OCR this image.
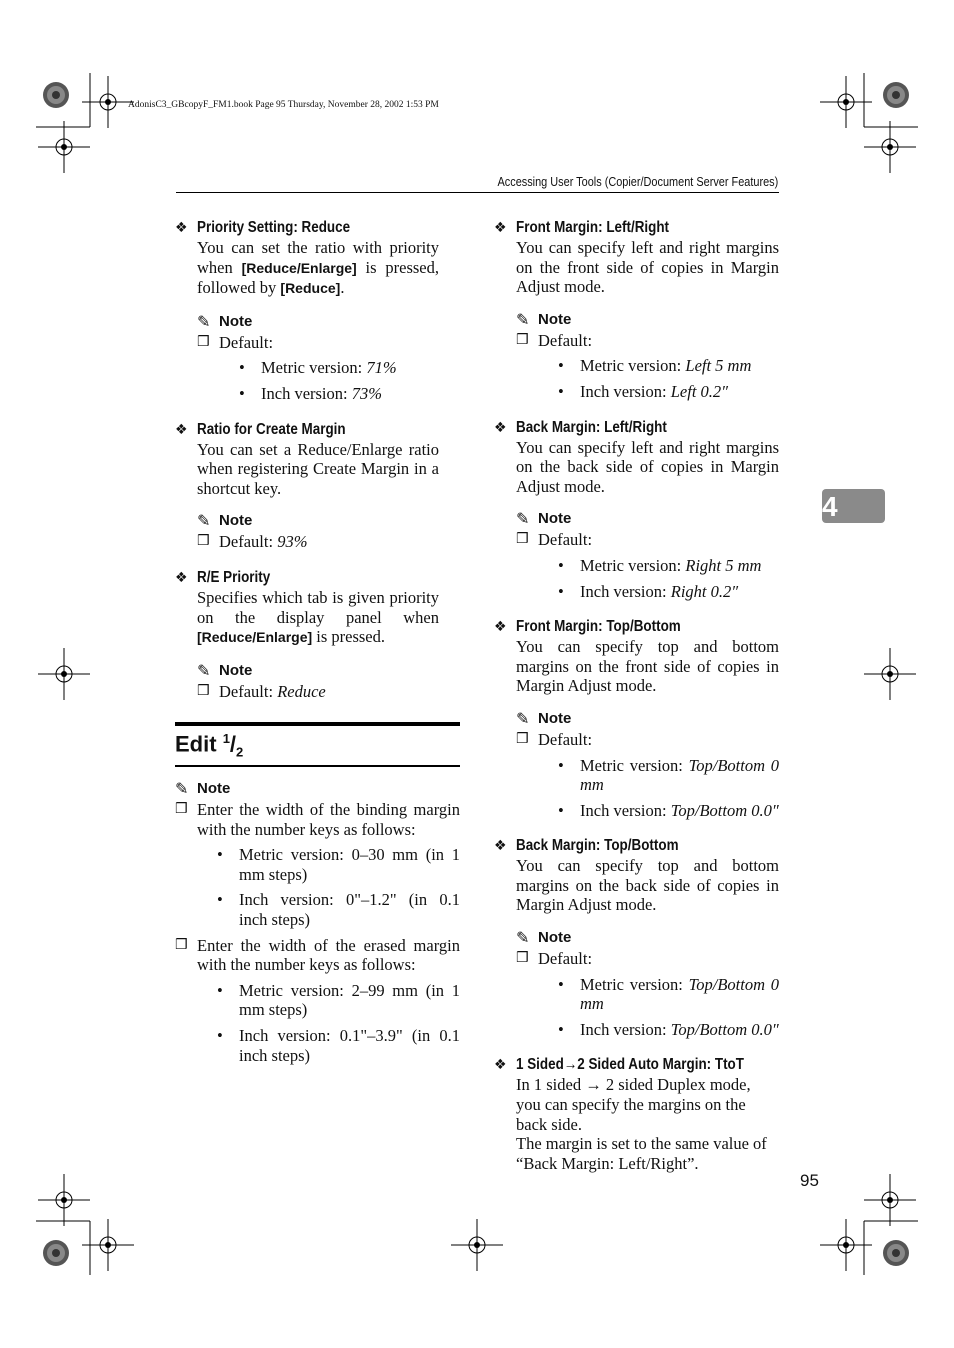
AdonisC3_GBcopyF_FM1.book Page 95 Thursday, November 28, 2002 1:53 PM
Accessing User Tools (Copier/Document Server Features)
4
❖ Priority Setting: Reduce
You can set the ratio with priority when [Reduce/Enlarge] is pressed, followed by [Reduce].
✎ Note
❒ Default:
• Metric version: 71%
• Inch version: 73%
❖ Ratio for Create Margin
You can set a Reduce/Enlarge ratio when registering Create Margin in a shortcut key.
✎ Note
❒ Default: 93%
❖ R/E Priority
Specifies which tab is given priority on the display panel when [Reduce/Enlarge] is pressed.
✎ Note
❒ Default: Reduce
Edit $^1/_2$
✎ Note
❒ Enter the width of the binding margin with the number keys as follows:
• Metric version: 0–30 mm (in 1 mm steps)
• Inch version: 0"–1.2" (in 0.1 inch steps)
❒ Enter the width of the erased margin with the number keys as follows:
• Metric version: 2–99 mm (in 1 mm steps)
• Inch version: 0.1"–3.9" (in 0.1 inch steps)
❖ Front Margin: Left/Right
You can specify left and right margins on the front side of copies in Margin Adjust mode.
✎ Note
❒ Default:
• Metric version: Left 5 mm
• Inch version: Left 0.2″
❖ Back Margin: Left/Right
You can specify left and right margins on the back side of copies in Margin Adjust mode.
✎ Note
❒ Default:
• Metric version: Right 5 mm
• Inch version: Right 0.2″
❖ Front Margin: Top/Bottom
You can specify top and bottom margins on the front side of copies in Margin Adjust mode.
✎ Note
❒ Default:
• Metric version: Top/Bottom 0 mm
• Inch version: Top/Bottom 0.0″
❖ Back Margin: Top/Bottom
You can specify top and bottom margins on the back side of copies in Margin Adjust mode.
✎ Note
❒ Default:
• Metric version: Top/Bottom 0 mm
• Inch version: Top/Bottom 0.0″
❖ 1 Sided→2 Sided Auto Margin: TtoT
In 1 sided → 2 sided Duplex mode, you can specify the margins on the back side.
The margin is set to the same value of “Back Margin: Left/Right”.
95
